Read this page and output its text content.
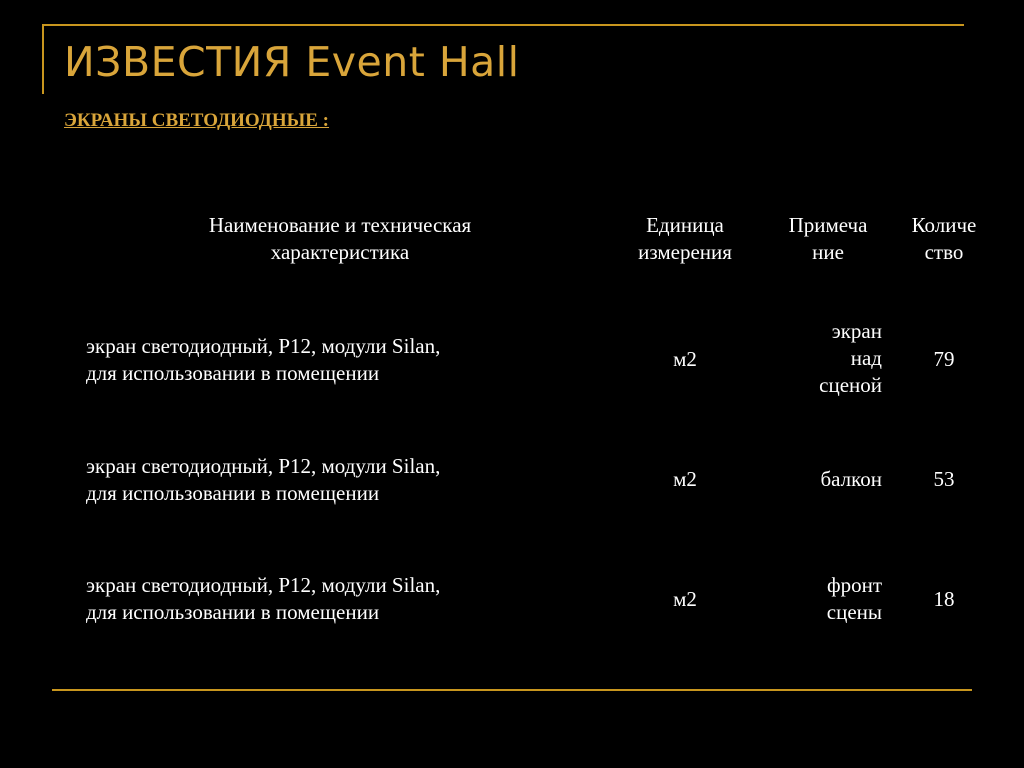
ИЗВЕСТИЯ Event Hall
ЭКРАНЫ СВЕТОДИОДНЫЕ :
Наименование и техническая
характеристика
Единица
измерения
Примеча
ние
Количе
ство
экран светодиодный, P12, модули Silan,
для использовании в помещении
м2
экран
над
сценой
79
экран светодиодный, P12, модули Silan,
для использовании в помещении
м2	балкон	53
экран светодиодный, P12, модули Silan,
для использовании в помещении
м2
фронт
сцены
18
